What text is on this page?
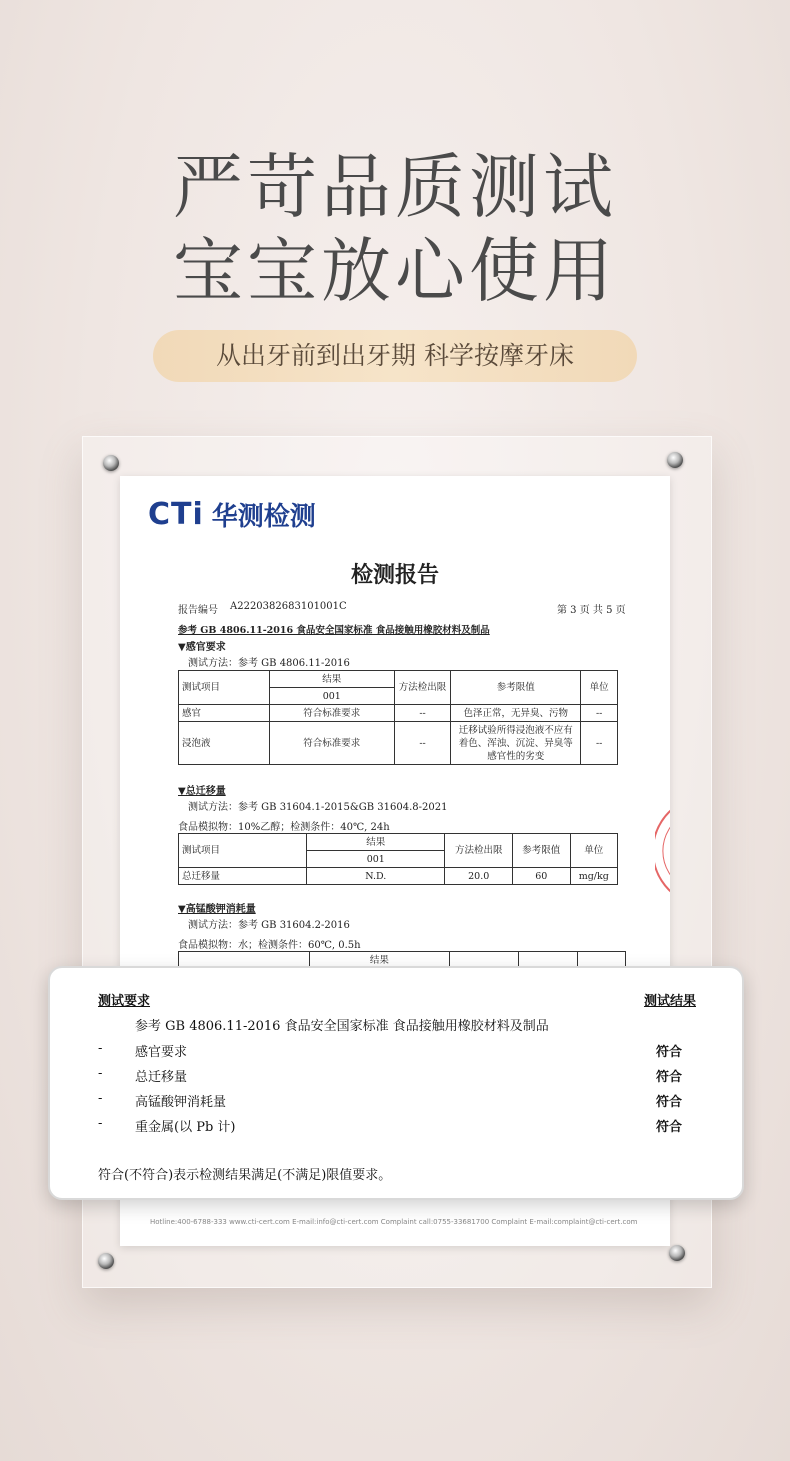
严苛品质测试
宝宝放心使用
从出牙前到出牙期 科学按摩牙床
CTi 华测检测
检测报告
报告编号 A2220382683101001C	第 3 页 共 5 页
参考 GB 4806.11-2016 食品安全国家标准 食品接触用橡胶材料及制品
▼感官要求
测试方法：参考 GB 4806.11-2016
测试项目	结果	方法检出限	参考限值	单位
	001			
感官	符合标准要求	--	色泽正常，无异臭、污物	--
浸泡液	符合标准要求	--	迁移试验所得浸泡液不应有着色、浑浊、沉淀、异臭等感官性的劣变	--
▼总迁移量
测试方法：参考 GB 31604.1-2015&GB 31604.8-2021
食品模拟物：10%乙醇；检测条件：40℃, 24h
测试项目	结果	方法检出限	参考限值	单位
	001			
总迁移量	N.D.	20.0	60	mg/kg
▼高锰酸钾消耗量
测试方法：参考 GB 31604.2-2016
食品模拟物：水；检测条件：60℃, 0.5h
	结果			
Hotline:400-6788-333 www.cti-cert.com E-mail:info@cti-cert.com Complaint call:0755-33681700 Complaint E-mail:complaint@cti-cert.com
测试要求	测试结果
参考 GB 4806.11-2016 食品安全国家标准 食品接触用橡胶材料及制品
-	感官要求	符合
-	总迁移量	符合
-	高锰酸钾消耗量	符合
-	重金属(以 Pb 计)	符合
符合(不符合)表示检测结果满足(不满足)限值要求。
